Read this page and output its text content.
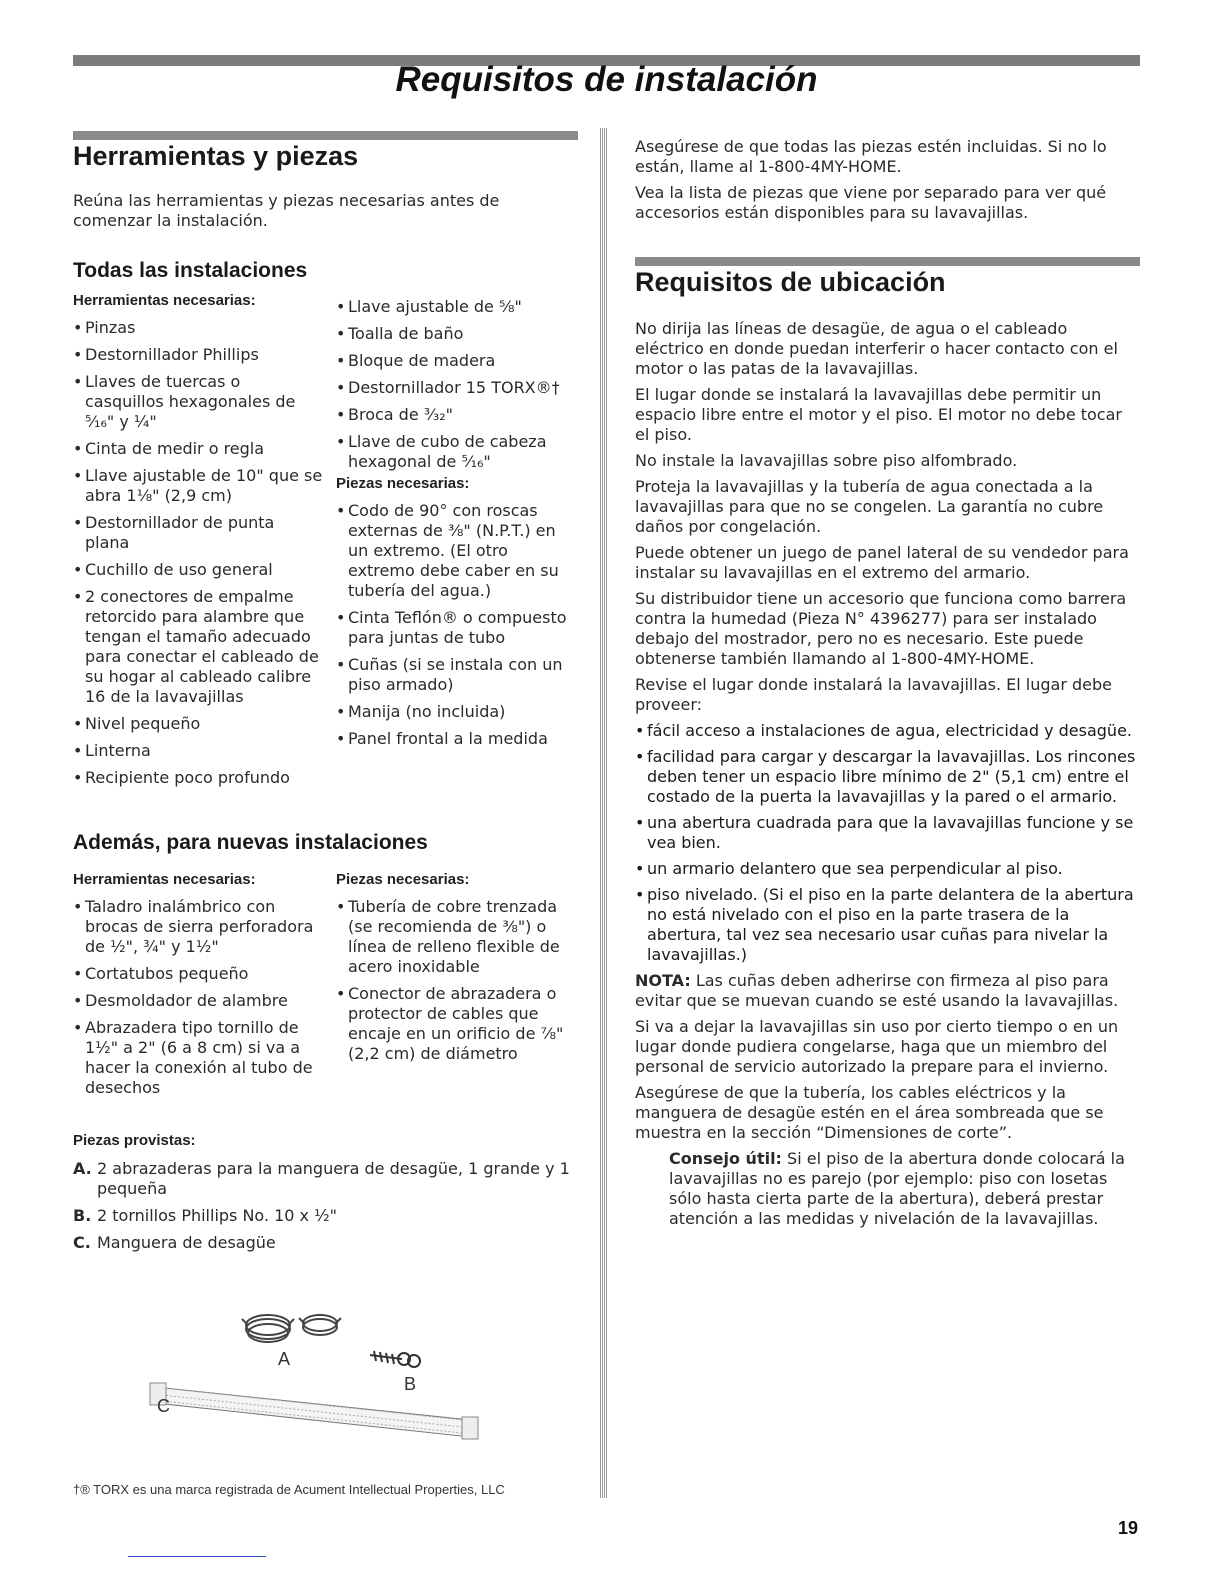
Requisitos de instalación
Herramientas y piezas

Reúna las herramientas y piezas necesarias antes de comenzar la instalación.

Todas las instalaciones
Herramientas necesarias:
• Pinzas
• Destornillador Phillips
• Llaves de tuercas o casquillos hexagonales de ⁵⁄₁₆" y ¼"
• Cinta de medir o regla
• Llave ajustable de 10" que se abra 1⅛" (2,9 cm)
• Destornillador de punta plana
• Cuchillo de uso general
• 2 conectores de empalme retorcido para alambre que tengan el tamaño adecuado para conectar el cableado de su hogar al cableado calibre 16 de la lavavajillas
• Nivel pequeño
• Linterna
• Recipiente poco profundo
• Llave ajustable de ⅝"
• Toalla de baño
• Bloque de madera
• Destornillador 15 TORX®†
• Broca de ³⁄₃₂"
• Llave de cubo de cabeza hexagonal de ⁵⁄₁₆"
Piezas necesarias:
• Codo de 90° con roscas externas de ⅜" (N.P.T.) en un extremo. (El otro extremo debe caber en su tubería del agua.)
• Cinta Teflón® o compuesto para juntas de tubo
• Cuñas (si se instala con un piso armado)
• Manija (no incluida)
• Panel frontal a la medida
Además, para nuevas instalaciones
Herramientas necesarias:
• Taladro inalámbrico con brocas de sierra perforadora de ½", ¾" y 1½"
• Cortatubos pequeño
• Desmoldador de alambre
• Abrazadera tipo tornillo de 1½" a 2" (6 a 8 cm) si va a hacer la conexión al tubo de desechos
Piezas necesarias:
• Tubería de cobre trenzada (se recomienda de ⅜") o línea de relleno flexible de acero inoxidable
• Conector de abrazadera o protector de cables que encaje en un orificio de ⅞" (2,2 cm) de diámetro
Piezas provistas:
A. 2 abrazaderas para la manguera de desagüe, 1 grande y 1 pequeña
B. 2 tornillos Phillips No. 10 x ½"
C. Manguera de desagüe
A
B
C
†® TORX es una marca registrada de Acument Intellectual Properties, LLC

Asegúrese de que todas las piezas estén incluidas. Si no lo están, llame al 1-800-4MY-HOME.

Vea la lista de piezas que viene por separado para ver qué accesorios están disponibles para su lavavajillas.

Requisitos de ubicación

No dirija las líneas de desagüe, de agua o el cableado eléctrico en donde puedan interferir o hacer contacto con el motor o las patas de la lavavajillas.

El lugar donde se instalará la lavavajillas debe permitir un espacio libre entre el motor y el piso. El motor no debe tocar el piso.

No instale la lavavajillas sobre piso alfombrado.

Proteja la lavavajillas y la tubería de agua conectada a la lavavajillas para que no se congelen. La garantía no cubre daños por congelación.

Puede obtener un juego de panel lateral de su vendedor para instalar su lavavajillas en el extremo del armario.

Su distribuidor tiene un accesorio que funciona como barrera contra la humedad (Pieza N° 4396277) para ser instalado debajo del mostrador, pero no es necesario. Este puede obtenerse también llamando al 1-800-4MY-HOME.

Revise el lugar donde instalará la lavavajillas. El lugar debe proveer:

• fácil acceso a instalaciones de agua, electricidad y desagüe.
• facilidad para cargar y descargar la lavavajillas. Los rincones deben tener un espacio libre mínimo de 2" (5,1 cm) entre el costado de la puerta la lavavajillas y la pared o el armario.
• una abertura cuadrada para que la lavavajillas funcione y se vea bien.
• un armario delantero que sea perpendicular al piso.
• piso nivelado. (Si el piso en la parte delantera de la abertura no está nivelado con el piso en la parte trasera de la abertura, tal vez sea necesario usar cuñas para nivelar la lavavajillas.)

NOTA: Las cuñas deben adherirse con firmeza al piso para evitar que se muevan cuando se esté usando la lavavajillas.

Si va a dejar la lavavajillas sin uso por cierto tiempo o en un lugar donde pudiera congelarse, haga que un miembro del personal de servicio autorizado la prepare para el invierno.

Asegúrese de que la tubería, los cables eléctricos y la manguera de desagüe estén en el área sombreada que se muestra en la sección “Dimensiones de corte”.

Consejo útil: Si el piso de la abertura donde colocará la lavavajillas no es parejo (por ejemplo: piso con losetas sólo hasta cierta parte de la abertura), deberá prestar atención a las medidas y nivelación de la lavavajillas.

19
